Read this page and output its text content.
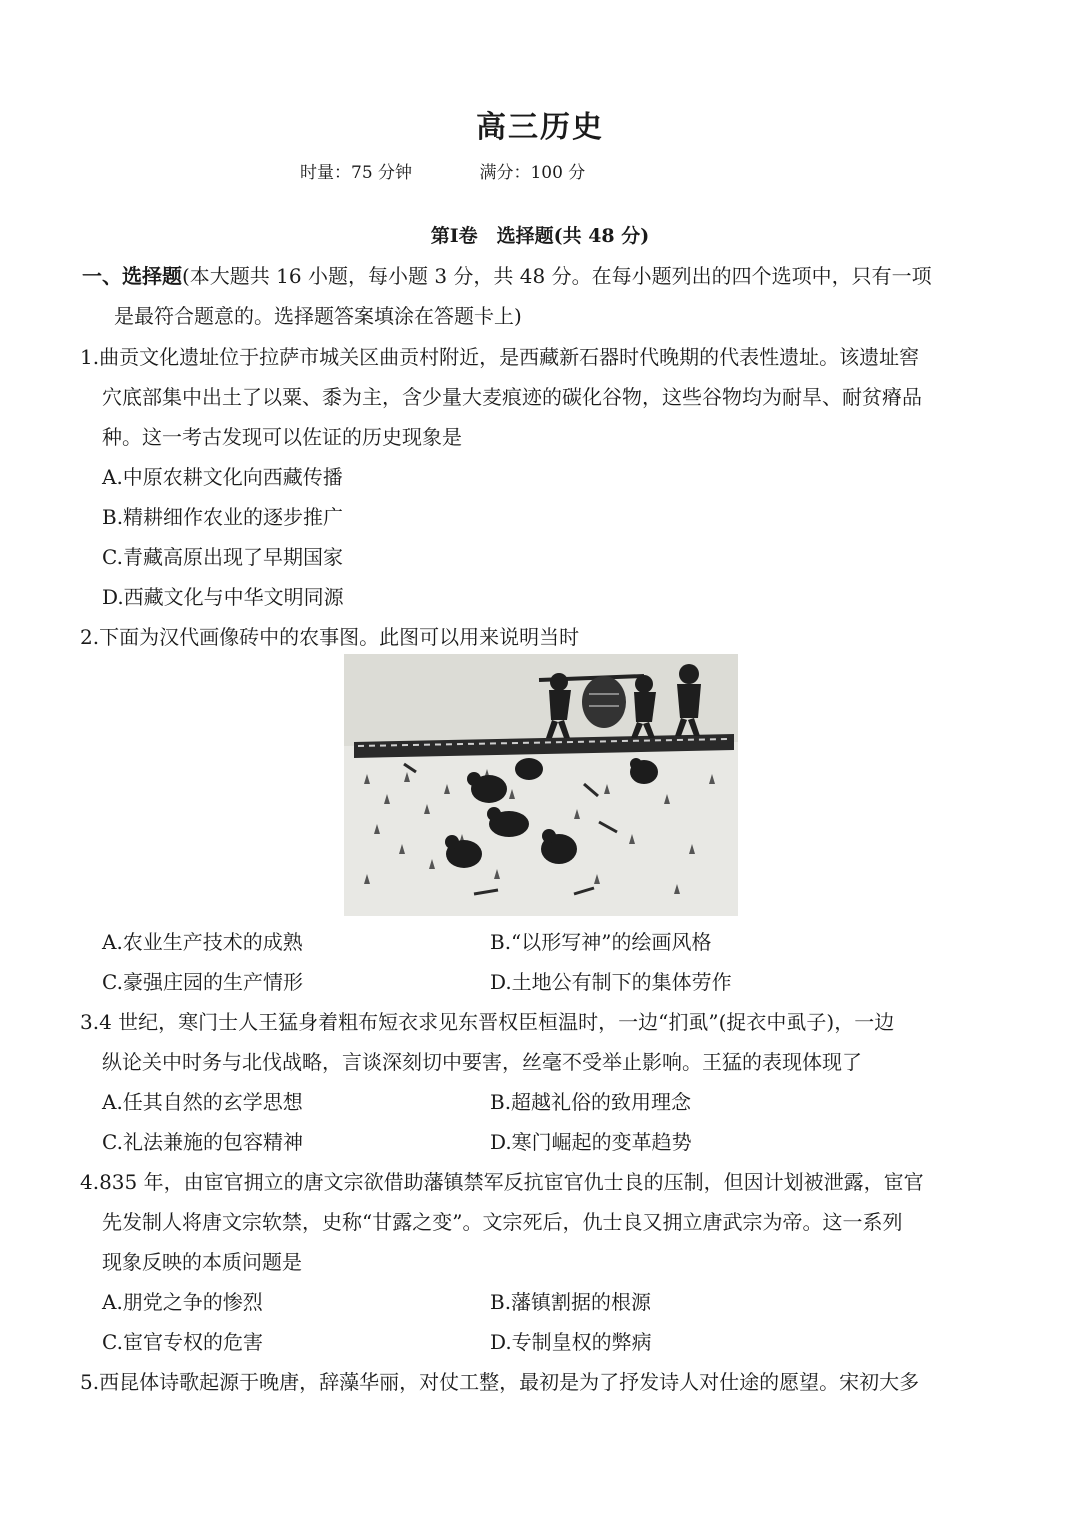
高三历史
时量：75 分钟	满分：100 分
第Ⅰ卷　选择题(共 48 分)
一、选择题(本大题共 16 小题，每小题 3 分，共 48 分。在每小题列出的四个选项中，只有一项
是最符合题意的。选择题答案填涂在答题卡上)
1.曲贡文化遗址位于拉萨市城关区曲贡村附近，是西藏新石器时代晚期的代表性遗址。该遗址窖
穴底部集中出土了以粟、黍为主，含少量大麦痕迹的碳化谷物，这些谷物均为耐旱、耐贫瘠品
种。这一考古发现可以佐证的历史现象是
A.中原农耕文化向西藏传播
B.精耕细作农业的逐步推广
C.青藏高原出现了早期国家
D.西藏文化与中华文明同源
2.下面为汉代画像砖中的农事图。此图可以用来说明当时
A.农业生产技术的成熟	B.“以形写神”的绘画风格
C.豪强庄园的生产情形	D.土地公有制下的集体劳作
3.4 世纪，寒门士人王猛身着粗布短衣求见东晋权臣桓温时，一边“扪虱”(捉衣中虱子)，一边
纵论关中时务与北伐战略，言谈深刻切中要害，丝毫不受举止影响。王猛的表现体现了
A.任其自然的玄学思想	B.超越礼俗的致用理念
C.礼法兼施的包容精神	D.寒门崛起的变革趋势
4.835 年，由宦官拥立的唐文宗欲借助藩镇禁军反抗宦官仇士良的压制，但因计划被泄露，宦官
先发制人将唐文宗软禁，史称“甘露之变”。文宗死后，仇士良又拥立唐武宗为帝。这一系列
现象反映的本质问题是
A.朋党之争的惨烈	B.藩镇割据的根源
C.宦官专权的危害	D.专制皇权的弊病
5.西昆体诗歌起源于晚唐，辞藻华丽，对仗工整，最初是为了抒发诗人对仕途的愿望。宋初大多
